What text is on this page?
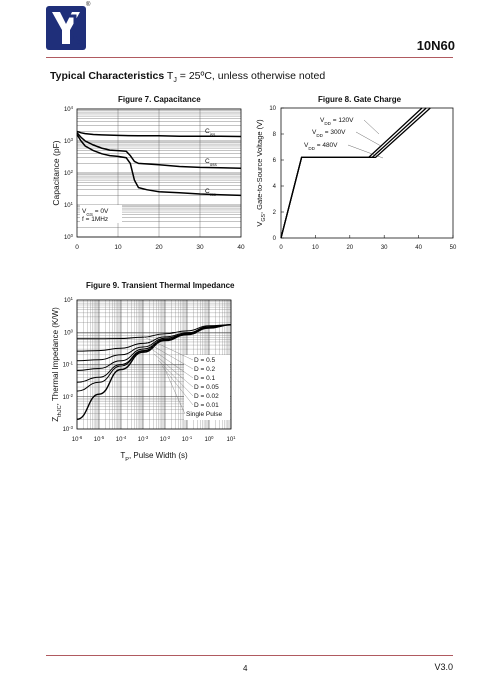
®
10N60
Typical Characteristics $T_J$ = 25ºC, unless otherwise noted
Figure 7. Capacitance	Figure 8. Gate Charge
Figure 9. Transient Thermal Impedance
0	10	20	30	40
$10^0$
$10^1$
$10^2$
$10^3$
$10^4$
Capacitance (pF)
$C_{iss}$
$C_{oss}$
$C_{rss}$
$V_{GS} = 0V$
f = 1MHz
0	10	20	30	40	50
0
2
4
6
8
10
$V_{GS}$, Gate-to-Source Voltage (V)	$V_{DD} = 120V$
$V_{DD} = 300V$
$V_{DD} = 480V$
$10^{-6}$ $10^{-5}$ $10^{-4}$ $10^{-3}$ $10^{-2}$ $10^{-1}$ $10^0$ $10^1$
$10^{-3}$
$10^{-2}$
$10^{-1}$
$10^0$
$10^1$
$T_P$, Pulse Width (s)
$Z_{thJC}$, Thermal Impedance (K/W)	D = 0.5
D = 0.2
D = 0.1
D = 0.05
D = 0.02
D = 0.01
Single Pulse
4	V3.0
